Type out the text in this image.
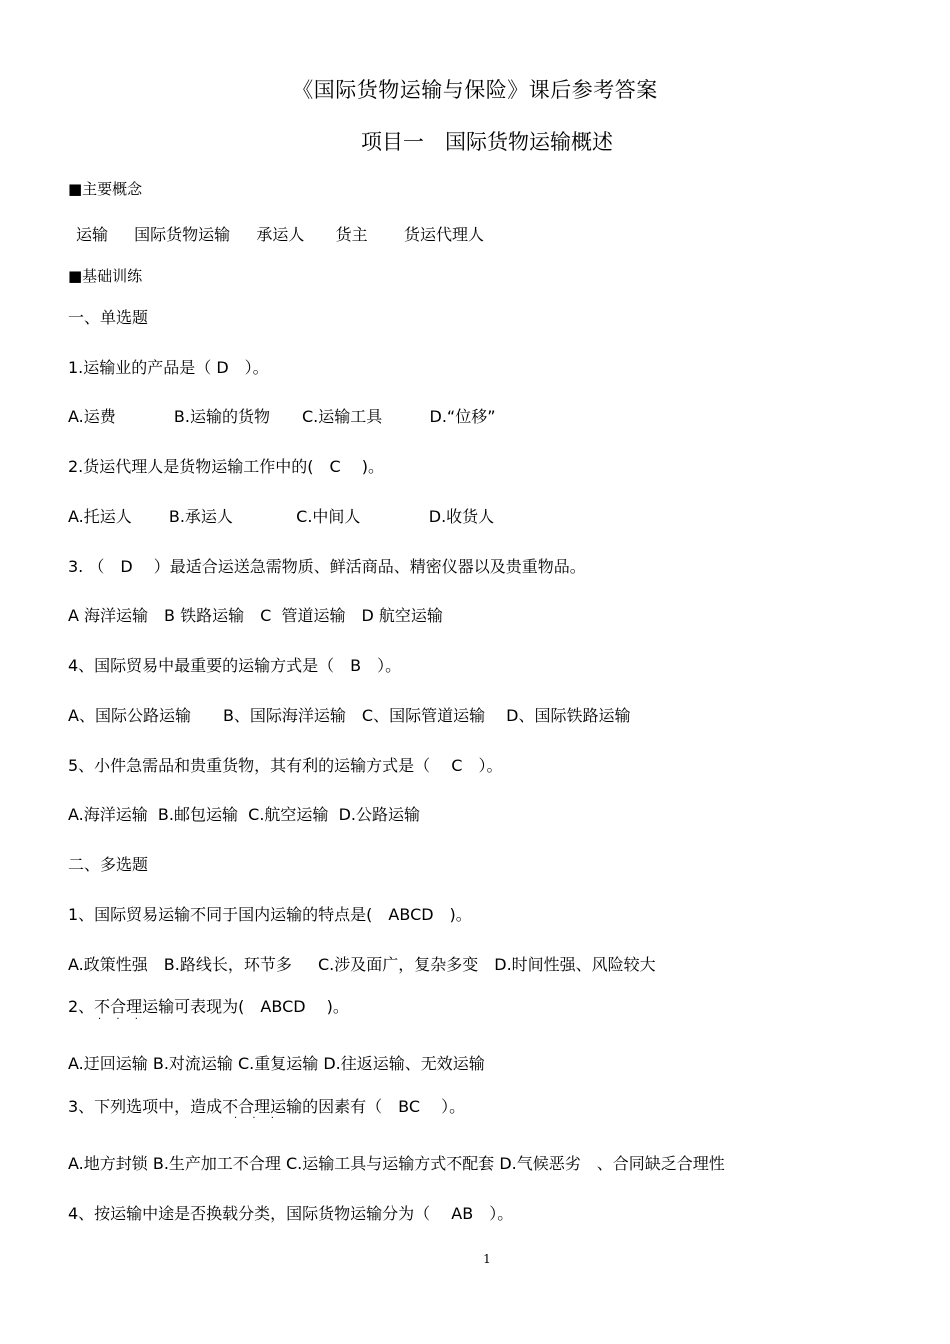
《国际货物运输与保险》课后参考答案
项目一　国际货物运输概述
■主要概念
运输　  国际货物运输　  承运人　   货主　    货运代理人
■基础训练
一、单选题
1.运输业的产品是（ D　）。
A.运费　　　  B.运输的货物　　C.运输工具　　   D.“位移”
2.货运代理人是货物运输工作中的(　C　 )。
A.托运人　　 B.承运人　　　   C.中间人　　　    D.收货人
3. （　D　 ）最适合运送急需物质、鲜活商品、精密仪器以及贵重物品。
A 海洋运输　B 铁路运输　C  管道运输　D 航空运输
4、国际贸易中最重要的运输方式是（　B　）。
A、国际公路运输　　B、国际海洋运输　C、国际管道运输　 D、国际铁路运输
5、小件急需品和贵重货物，其有利的运输方式是（　 C　）。
A.海洋运输  B.邮包运输  C.航空运输  D.公路运输
二、多选题
1、国际贸易运输不同于国内运输的特点是(　ABCD　)。
A.政策性强　B.路线长，环节多　  C.涉及面广，复杂多变　D.时间性强、风险较大
2、不合理运输可表现为(　ABCD　 )。
· · ·
A.迂回运输 B.对流运输 C.重复运输 D.往返运输、无效运输
3、下列选项中，造成不合理运输的因素有（　BC　 ）。
· · ·
A.地方封锁 B.生产加工不合理 C.运输工具与运输方式不配套 D.气候恶劣　、合同缺乏合理性
4、按运输中途是否换载分类，国际货物运输分为（　 AB　）。
1
